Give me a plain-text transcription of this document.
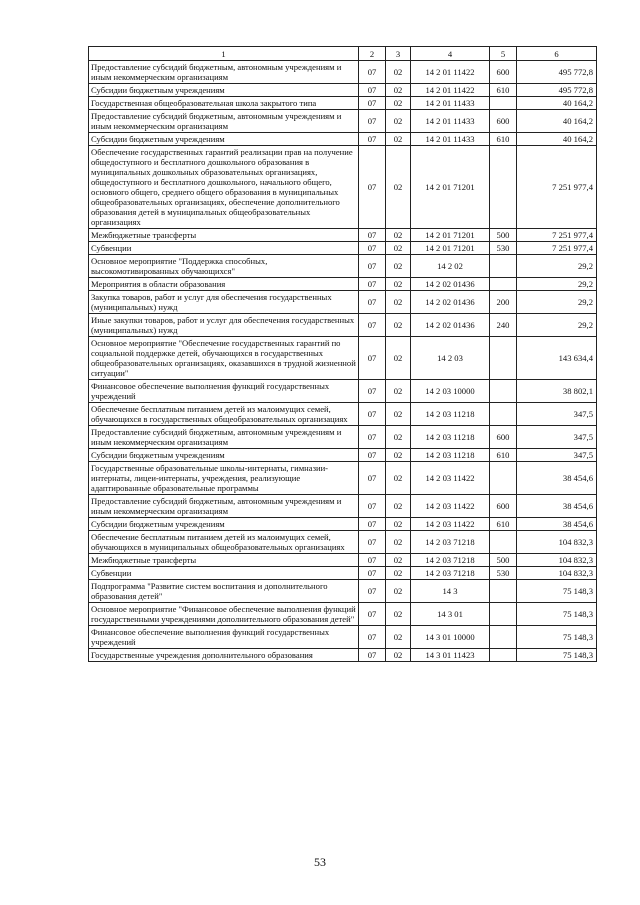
1	2	3	4	5	6
Предоставление субсидий бюджетным, автономным учреждениям и иным некоммерческим организациям	07	02	14 2 01 11422	600	495 772,8
Субсидии бюджетным учреждениям	07	02	14 2 01 11422	610	495 772,8
Государственная общеобразовательная школа закрытого типа	07	02	14 2 01 11433		40 164,2
Предоставление субсидий бюджетным, автономным учреждениям и иным некоммерческим организациям	07	02	14 2 01 11433	600	40 164,2
Субсидии бюджетным учреждениям	07	02	14 2 01 11433	610	40 164,2
Обеспечение государственных гарантий реализации прав на получение общедоступного и бесплатного дошкольного образования в муниципальных дошкольных образовательных организациях, общедоступного и бесплатного дошкольного, начального общего, основного общего, среднего общего образования в муниципальных общеобразовательных организациях, обеспечение дополнительного образования детей в муниципальных общеобразовательных организациях	07	02	14 2 01 71201		7 251 977,4
Межбюджетные трансферты	07	02	14 2 01 71201	500	7 251 977,4
Субвенции	07	02	14 2 01 71201	530	7 251 977,4
Основное мероприятие "Поддержка способных, высокомотивированных обучающихся"	07	02	14 2 02		29,2
Мероприятия в области образования	07	02	14 2 02 01436		29,2
Закупка товаров, работ и услуг для обеспечения государственных (муниципальных) нужд	07	02	14 2 02 01436	200	29,2
Иные закупки товаров, работ и услуг для обеспечения государственных (муниципальных) нужд	07	02	14 2 02 01436	240	29,2
Основное мероприятие "Обеспечение государственных гарантий по социальной поддержке детей, обучающихся в государственных общеобразовательных организациях, оказавшихся в трудной жизненной ситуации"	07	02	14 2 03		143 634,4
Финансовое обеспечение выполнения функций государственных учреждений	07	02	14 2 03 10000		38 802,1
Обеспечение бесплатным питанием детей из малоимущих семей, обучающихся в государственных общеобразовательных организациях	07	02	14 2 03 11218		347,5
Предоставление субсидий бюджетным, автономным учреждениям и иным некоммерческим организациям	07	02	14 2 03 11218	600	347,5
Субсидии бюджетным учреждениям	07	02	14 2 03 11218	610	347,5
Государственные образовательные школы-интернаты, гимназии-интернаты, лицеи-интернаты, учреждения, реализующие адаптированные образовательные программы	07	02	14 2 03 11422		38 454,6
Предоставление субсидий бюджетным, автономным учреждениям и иным некоммерческим организациям	07	02	14 2 03 11422	600	38 454,6
Субсидии бюджетным учреждениям	07	02	14 2 03 11422	610	38 454,6
Обеспечение бесплатным питанием детей из малоимущих семей, обучающихся в муниципальных общеобразовательных организациях	07	02	14 2 03 71218		104 832,3
Межбюджетные трансферты	07	02	14 2 03 71218	500	104 832,3
Субвенции	07	02	14 2 03 71218	530	104 832,3
Подпрограмма "Развитие систем воспитания и дополнительного образования детей"	07	02	14 3		75 148,3
Основное мероприятие "Финансовое обеспечение выполнения функций государственными учреждениями дополнительного образования детей"	07	02	14 3 01		75 148,3
Финансовое обеспечение выполнения функций государственных учреждений	07	02	14 3 01 10000		75 148,3
Государственные учреждения дополнительного образования	07	02	14 3 01 11423		75 148,3
53
